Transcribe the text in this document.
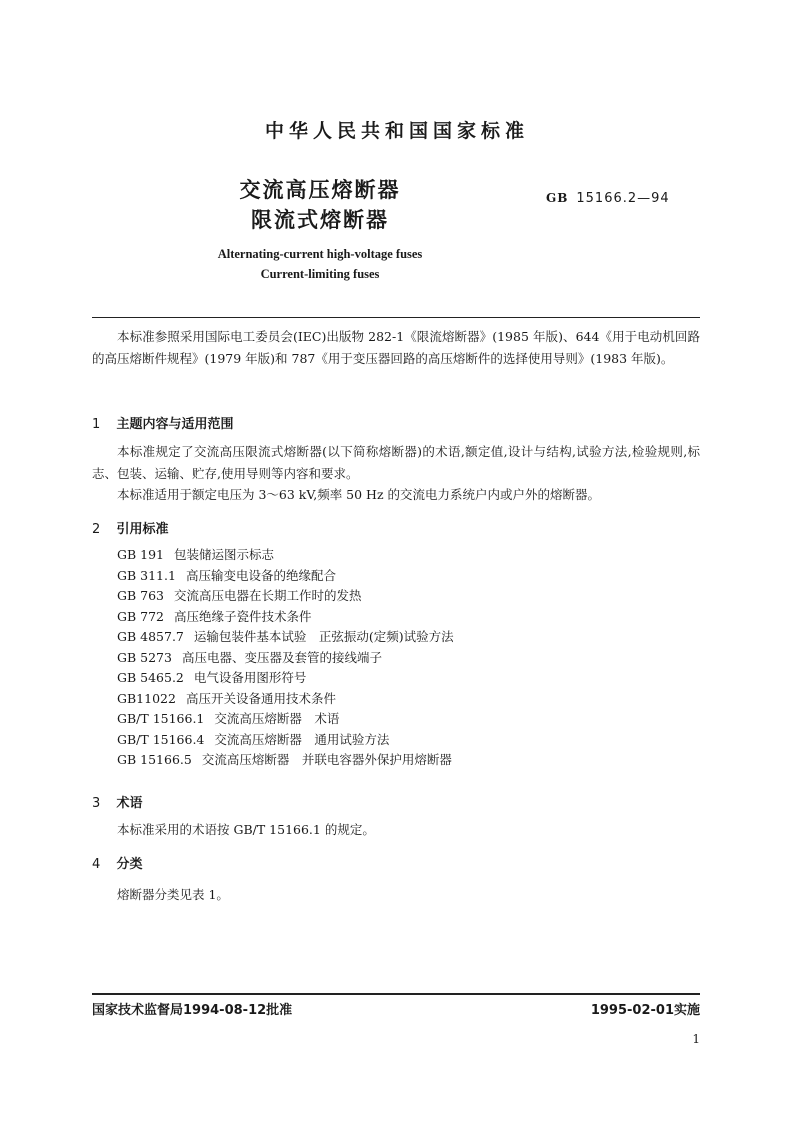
中华人民共和国国家标准
交流高压熔断器
限流式熔断器
GB 15166.2—94
Alternating-current high-voltage fuses
Current-limiting fuses
本标准参照采用国际电工委员会(IEC)出版物 282-1《限流熔断器》(1985 年版)、644《用于电动机回路的高压熔断件规程》(1979 年版)和 787《用于变压器回路的高压熔断件的选择使用导则》(1983 年版)。
1 主题内容与适用范围
本标准规定了交流高压限流式熔断器(以下简称熔断器)的术语,额定值,设计与结构,试验方法,检验规则,标志、包装、运输、贮存,使用导则等内容和要求。
本标准适用于额定电压为 3～63 kV,频率 50 Hz 的交流电力系统户内或户外的熔断器。
2 引用标准
GB 191 包装储运图示标志
GB 311.1 高压输变电设备的绝缘配合
GB 763 交流高压电器在长期工作时的发热
GB 772 高压绝缘子瓷件技术条件
GB 4857.7 运输包装件基本试验　正弦振动(定频)试验方法
GB 5273 高压电器、变压器及套管的接线端子
GB 5465.2 电气设备用图形符号
GB11022 高压开关设备通用技术条件
GB/T 15166.1 交流高压熔断器　术语
GB/T 15166.4 交流高压熔断器　通用试验方法
GB 15166.5 交流高压熔断器　并联电容器外保护用熔断器
3 术语
本标准采用的术语按 GB/T 15166.1 的规定。
4 分类
熔断器分类见表 1。
国家技术监督局1994-08-12批准	1995-02-01实施
1
